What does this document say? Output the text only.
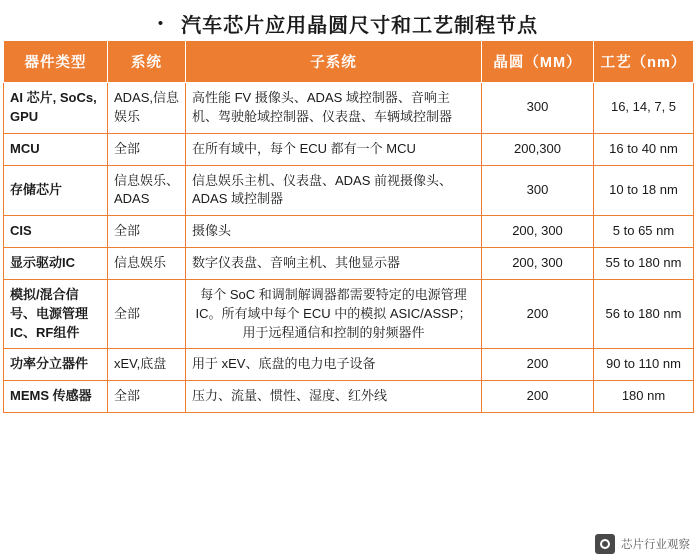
• 汽车芯片应用晶圆尺寸和工艺制程节点
器件类型	系统	子系统	晶圆（MM）	工艺（nm）
AI 芯片, SoCs, GPU	ADAS,信息娱乐	高性能 FV 摄像头、ADAS 域控制器、音响主机、驾驶舱域控制器、仪表盘、车辆域控制器	300	16, 14, 7, 5
MCU	全部	在所有域中，每个 ECU 都有一个 MCU	200,300	16 to 40 nm
存储芯片	信息娱乐、ADAS	信息娱乐主机、仪表盘、ADAS 前视摄像头、ADAS 域控制器	300	10 to 18 nm
CIS	全部	摄像头	200, 300	5 to 65 nm
显示驱动IC	信息娱乐	数字仪表盘、音响主机、其他显示器	200, 300	55 to 180 nm
模拟/混合信号、电源管理IC、RF组件	全部	每个 SoC 和调制解调器都需要特定的电源管理 IC。所有域中每个 ECU 中的模拟 ASIC/ASSP；用于远程通信和控制的射频器件	200	56 to 180 nm
功率分立器件	xEV,底盘	用于 xEV、底盘的电力电子设备	200	90 to 110 nm
MEMS 传感器	全部	压力、流量、惯性、湿度、红外线	200	180 nm
芯片行业观察
